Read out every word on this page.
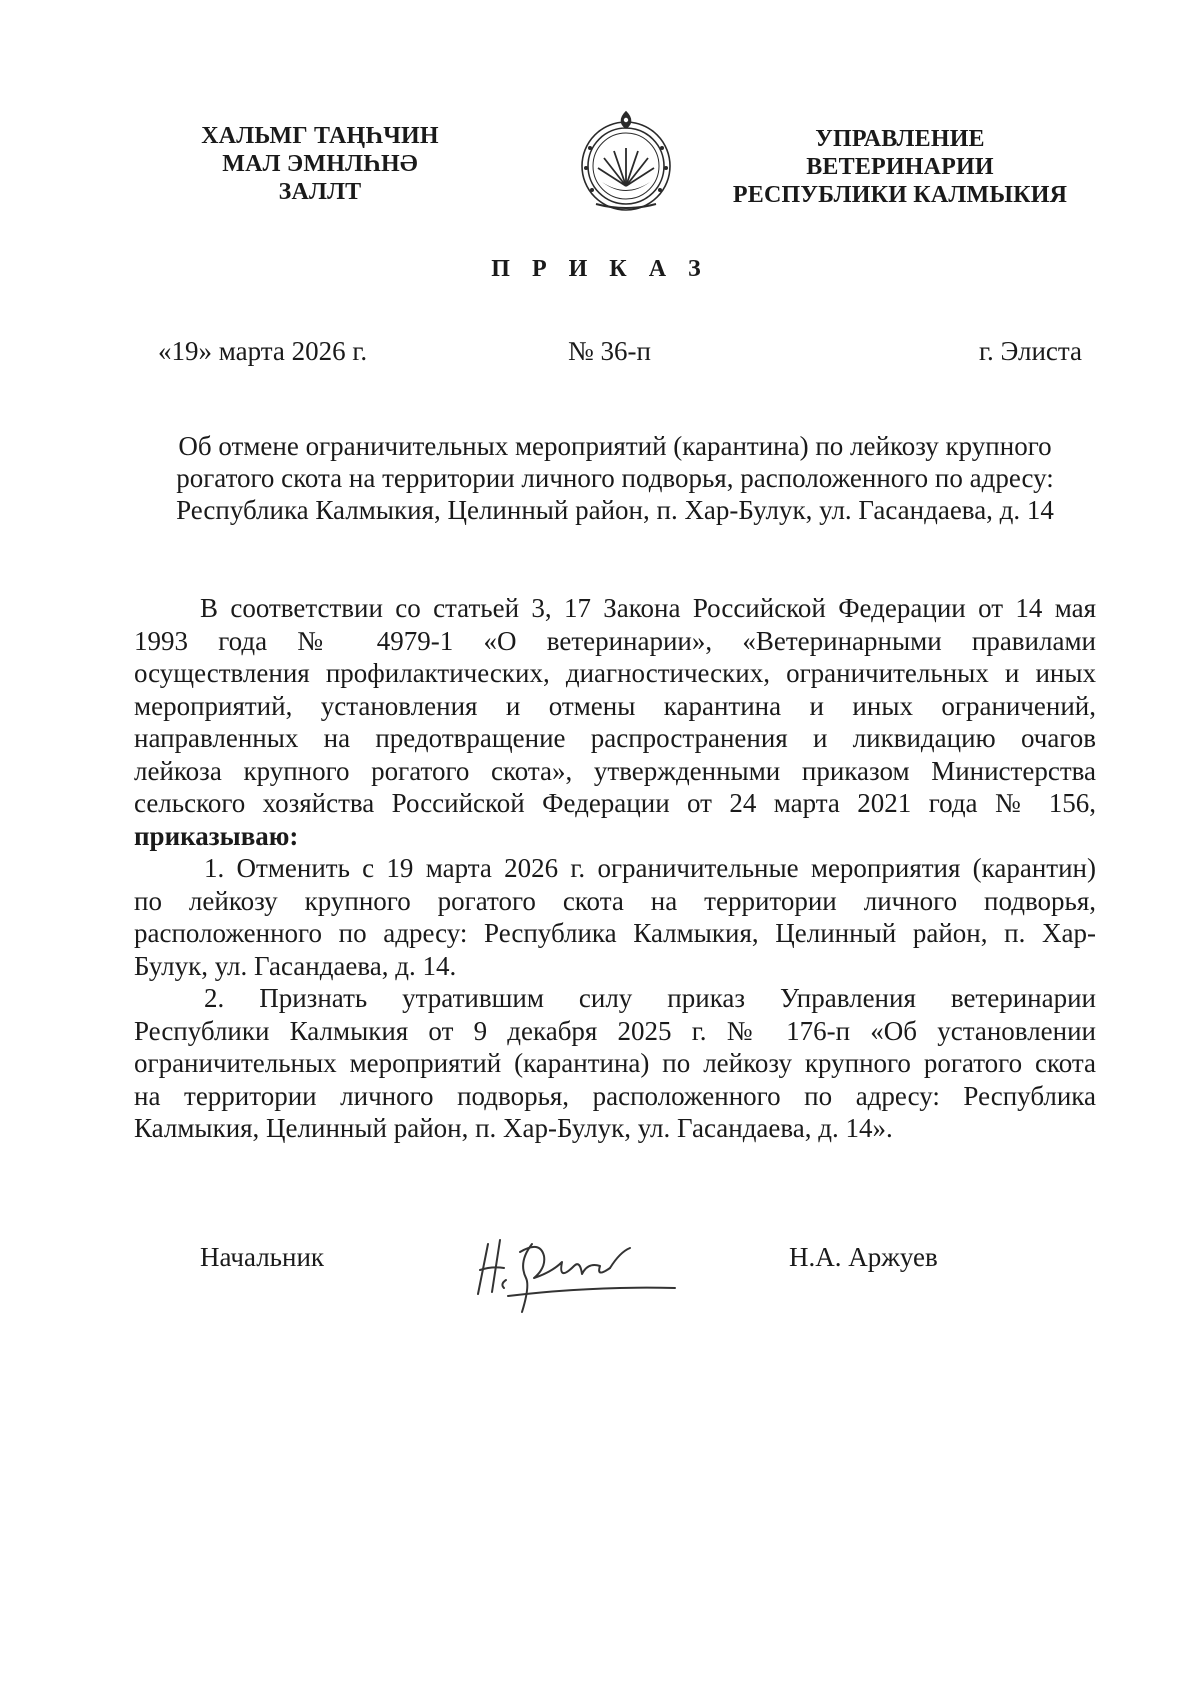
ХАЛЬМГ ТАҢҺЧИН
МАЛ ЭМНЛҺНӘ
ЗАЛЛТ
УПРАВЛЕНИЕ
ВЕТЕРИНАРИИ
РЕСПУБЛИКИ КАЛМЫКИЯ
П Р И К А З
«19» марта 2026 г.	№ 36-п	г. Элиста
Об отмене ограничительных мероприятий (карантина) по лейкозу крупного
рогатого скота на территории личного подворья, расположенного по адресу:
Республика Калмыкия, Целинный район, п. Хар-Булук, ул. Гасандаева, д. 14
В соответствии со статьей 3, 17 Закона Российской Федерации от 14 мая
1993 года № 4979-1 «О ветеринарии», «Ветеринарными правилами
осуществления профилактических, диагностических, ограничительных и иных
мероприятий, установления и отмены карантина и иных ограничений,
направленных на предотвращение распространения и ликвидацию очагов
лейкоза крупного рогатого скота», утвержденными приказом Министерства
сельского хозяйства Российской Федерации от 24 марта 2021 года № 156,
приказываю:
1. Отменить с 19 марта 2026 г. ограничительные мероприятия (карантин)
по лейкозу крупного рогатого скота на территории личного подворья,
расположенного по адресу: Республика Калмыкия, Целинный район, п. Хар-
Булук, ул. Гасандаева, д. 14.
2. Признать утратившим силу приказ Управления ветеринарии
Республики Калмыкия от 9 декабря 2025 г. № 176-п «Об установлении
ограничительных мероприятий (карантина) по лейкозу крупного рогатого скота
на территории личного подворья, расположенного по адресу: Республика
Калмыкия, Целинный район, п. Хар-Булук, ул. Гасандаева, д. 14».
Начальник	Н.А. Аржуев
